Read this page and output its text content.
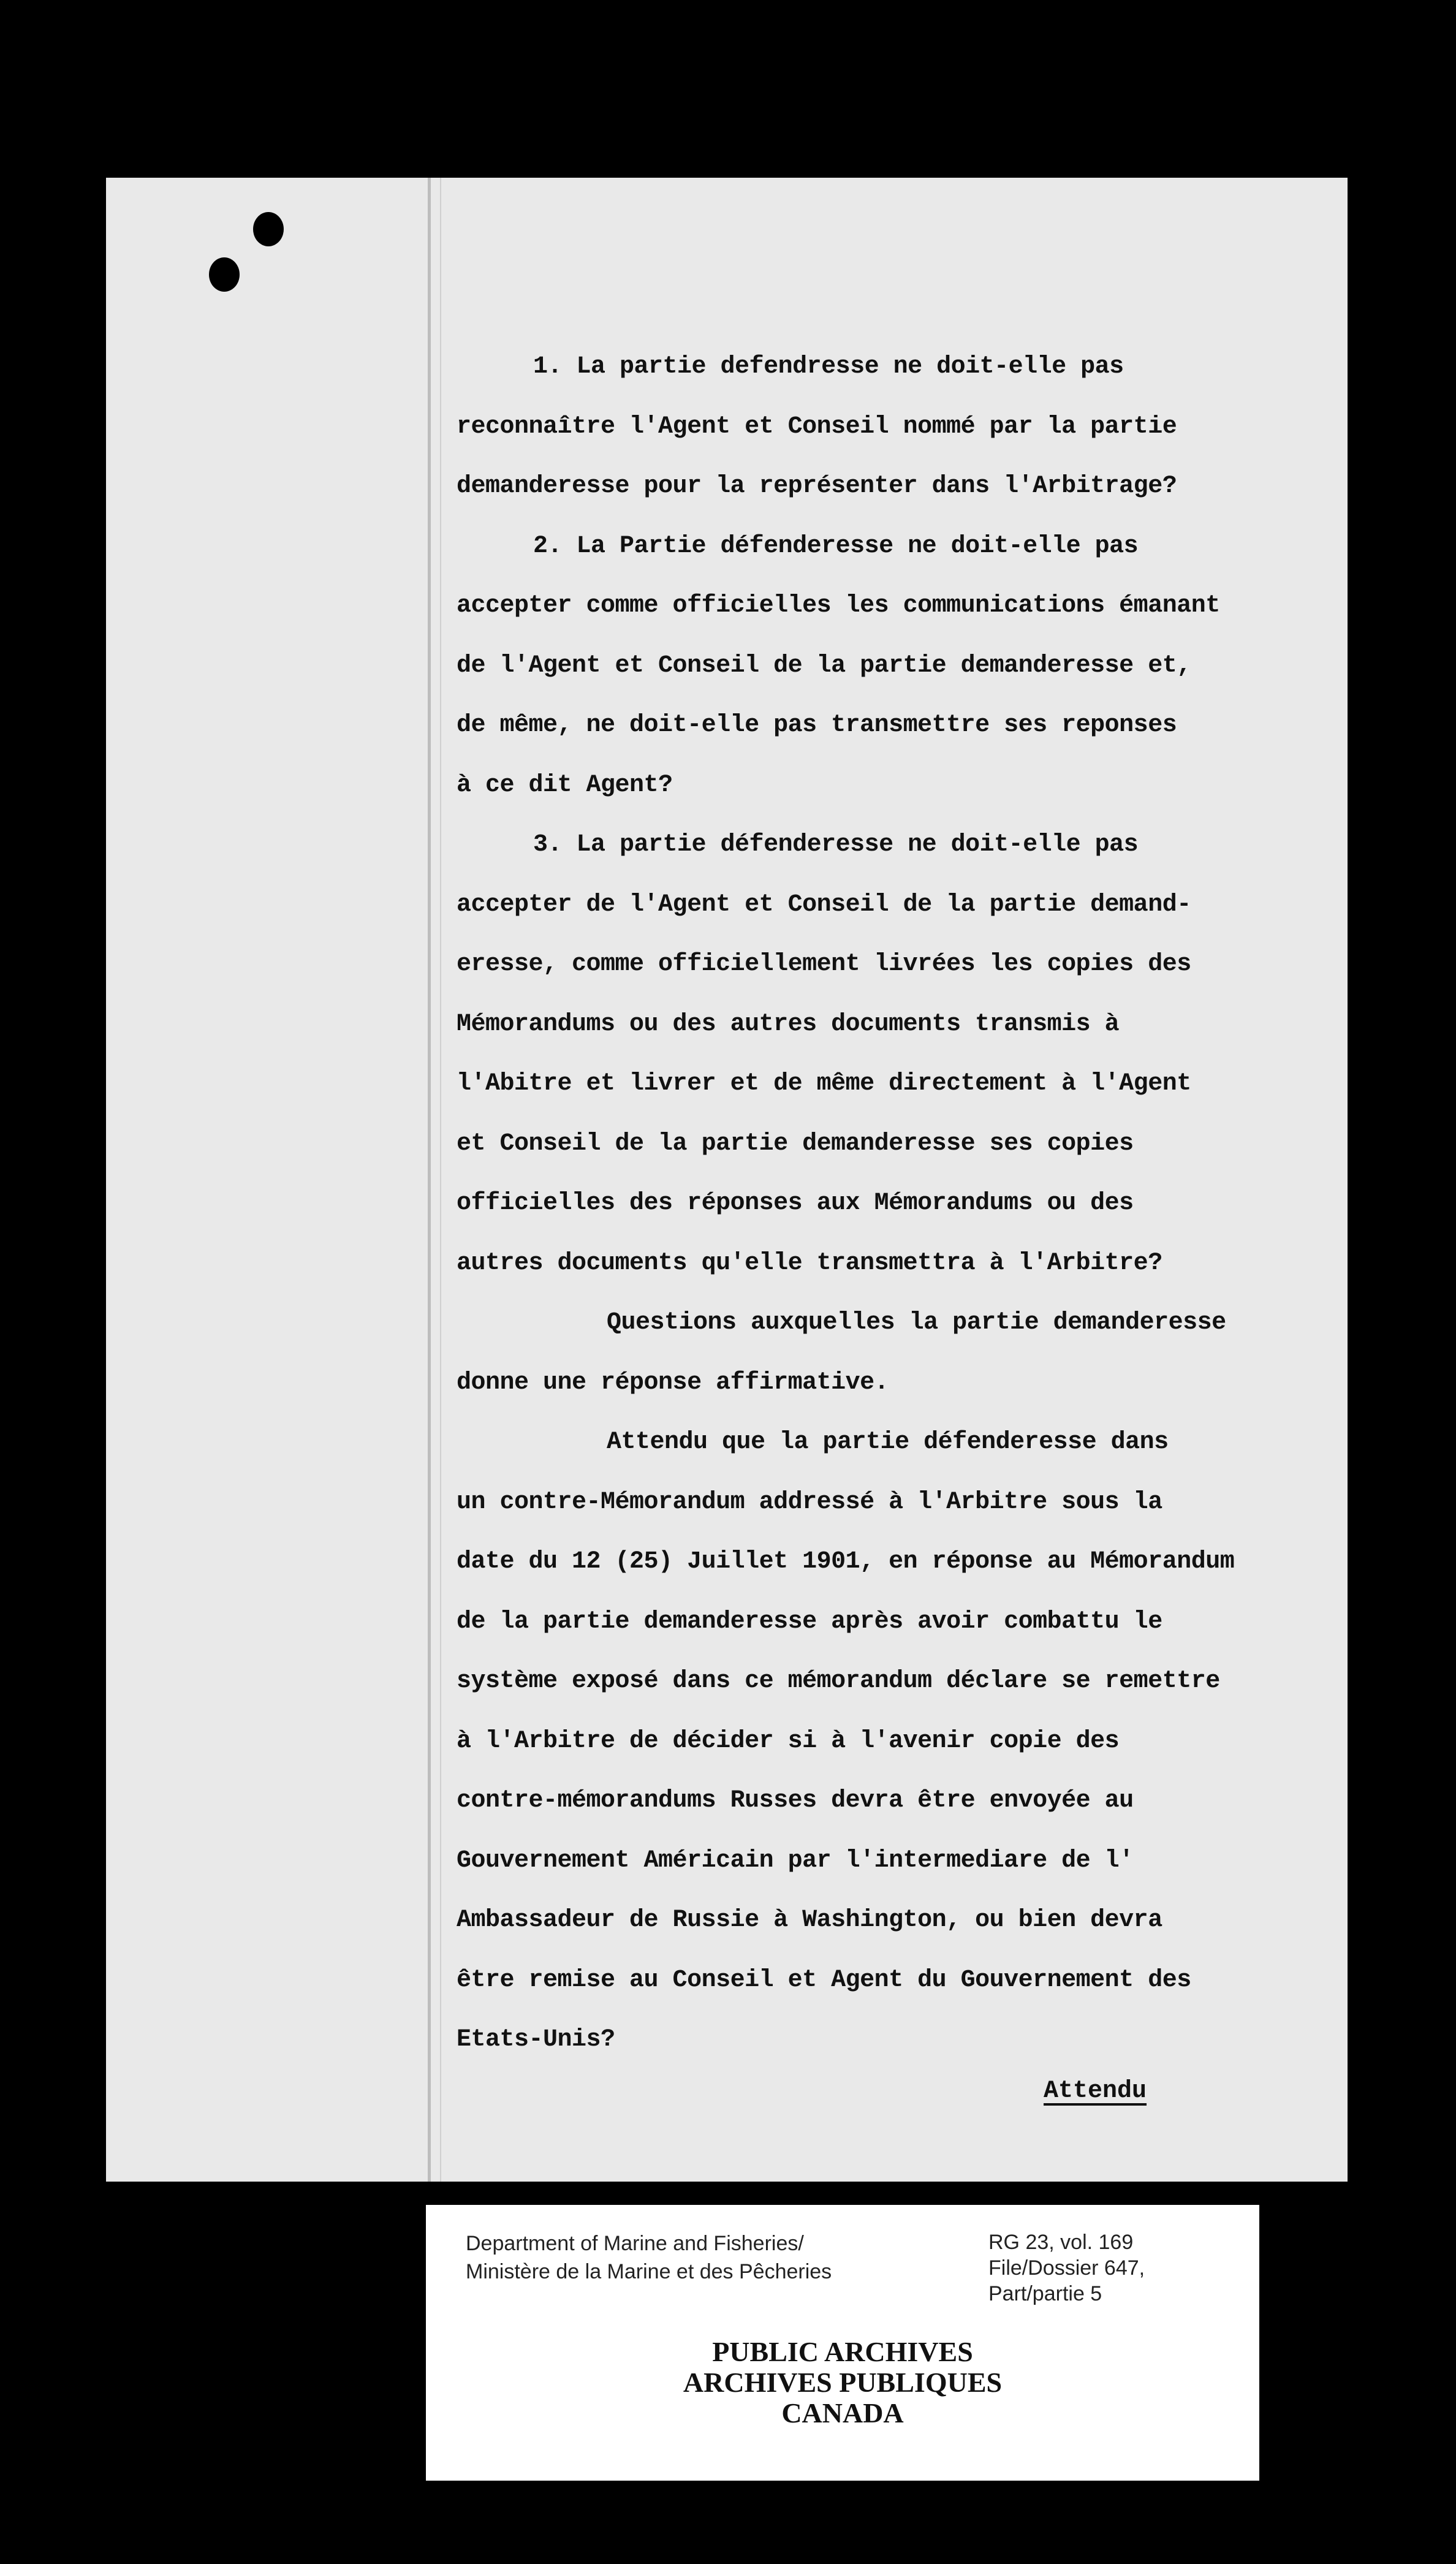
1. La partie defendresse ne doit-elle pas
reconnaître l'Agent et Conseil nommé par la partie
demanderesse pour la représenter dans l'Arbitrage?
2. La Partie défenderesse ne doit-elle pas
accepter comme officielles les communications émanant
de l'Agent et Conseil de la partie demanderesse et,
de même, ne doit-elle pas transmettre ses reponses
à ce dit Agent?
3. La partie défenderesse ne doit-elle pas
accepter de l'Agent et Conseil de la partie demand-
eresse, comme officiellement livrées les copies des
Mémorandums ou des autres documents transmis à
l'Abitre et livrer et de même directement à l'Agent
et Conseil de la partie demanderesse ses copies
officielles des réponses aux Mémorandums ou des
autres documents qu'elle transmettra à l'Arbitre?
Questions auxquelles la partie demanderesse
donne une réponse affirmative.
Attendu que la partie défenderesse dans
un contre-Mémorandum addressé à l'Arbitre sous la
date du 12 (25) Juillet 1901, en réponse au Mémorandum
de la partie demanderesse après avoir combattu le
système exposé dans ce mémorandum déclare se remettre
à l'Arbitre de décider si à l'avenir copie des
contre-mémorandums Russes devra être envoyée au
Gouvernement Américain par l'intermediare de l'
Ambassadeur de Russie à Washington, ou bien devra
être remise au Conseil et Agent du Gouvernement des
Etats-Unis?
Attendu
Department of Marine and Fisheries/
Ministère de la Marine et des Pêcheries
RG 23, vol. 169
File/Dossier 647,
Part/partie 5
PUBLIC ARCHIVES
ARCHIVES PUBLIQUES
CANADA
